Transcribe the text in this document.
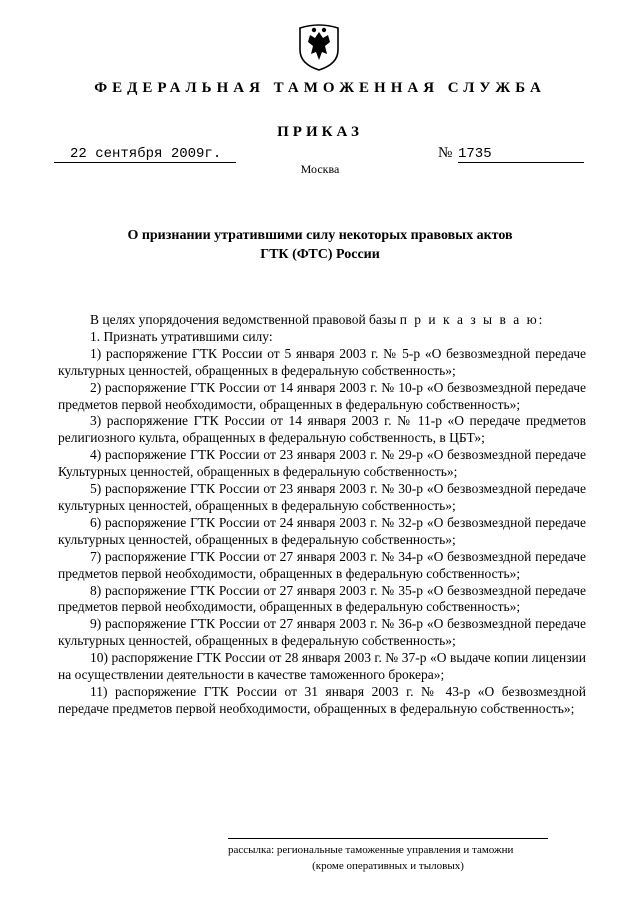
ФЕДЕРАЛЬНАЯ ТАМОЖЕННАЯ СЛУЖБА
ПРИКАЗ
22 сентября 2009г.	№ 1735
Москва
О признании утратившими силу некоторых правовых актов
ГТК (ФТС) России

В целях упорядочения ведомственной правовой базы п р и к а з ы в а ю:

1. Признать утратившими силу:

1) распоряжение ГТК России от 5 января 2003 г. № 5-р «О безвозмездной передаче культурных ценностей, обращенных в федеральную собственность»;

2) распоряжение ГТК России от 14 января 2003 г. № 10-р «О безвозмездной передаче предметов первой необходимости, обращенных в федеральную собственность»;

3) распоряжение ГТК России от 14 января 2003 г. № 11-р «О передаче предметов религиозного культа, обращенных в федеральную собственность, в ЦБТ»;

4) распоряжение ГТК России от 23 января 2003 г. № 29-р «О безвозмездной передаче Культурных ценностей, обращенных в федеральную собственность»;

5) распоряжение ГТК России от 23 января 2003 г. № 30-р «О безвозмездной передаче культурных ценностей, обращенных в федеральную собственность»;

6) распоряжение ГТК России от 24 января 2003 г. № 32-р «О безвозмездной передаче культурных ценностей, обращенных в федеральную собственность»;

7) распоряжение ГТК России от 27 января 2003 г. № 34-р «О безвозмездной передаче предметов первой необходимости, обращенных в федеральную собственность»;

8) распоряжение ГТК России от 27 января 2003 г. № 35-р «О безвозмездной передаче предметов первой необходимости, обращенных в федеральную собственность»;

9) распоряжение ГТК России от 27 января 2003 г. № 36-р «О безвозмездной передаче культурных ценностей, обращенных в федеральную собственность»;

10) распоряжение ГТК России от 28 января 2003 г. № 37-р «О выдаче копии лицензии на осуществлении деятельности в качестве таможенного брокера»;

11) распоряжение ГТК России от 31 января 2003 г. № 43-р «О безвозмездной передаче предметов первой необходимости, обращенных в федеральную собственность»;

рассылка: региональные таможенные управления и таможни
(кроме оперативных и тыловых)
